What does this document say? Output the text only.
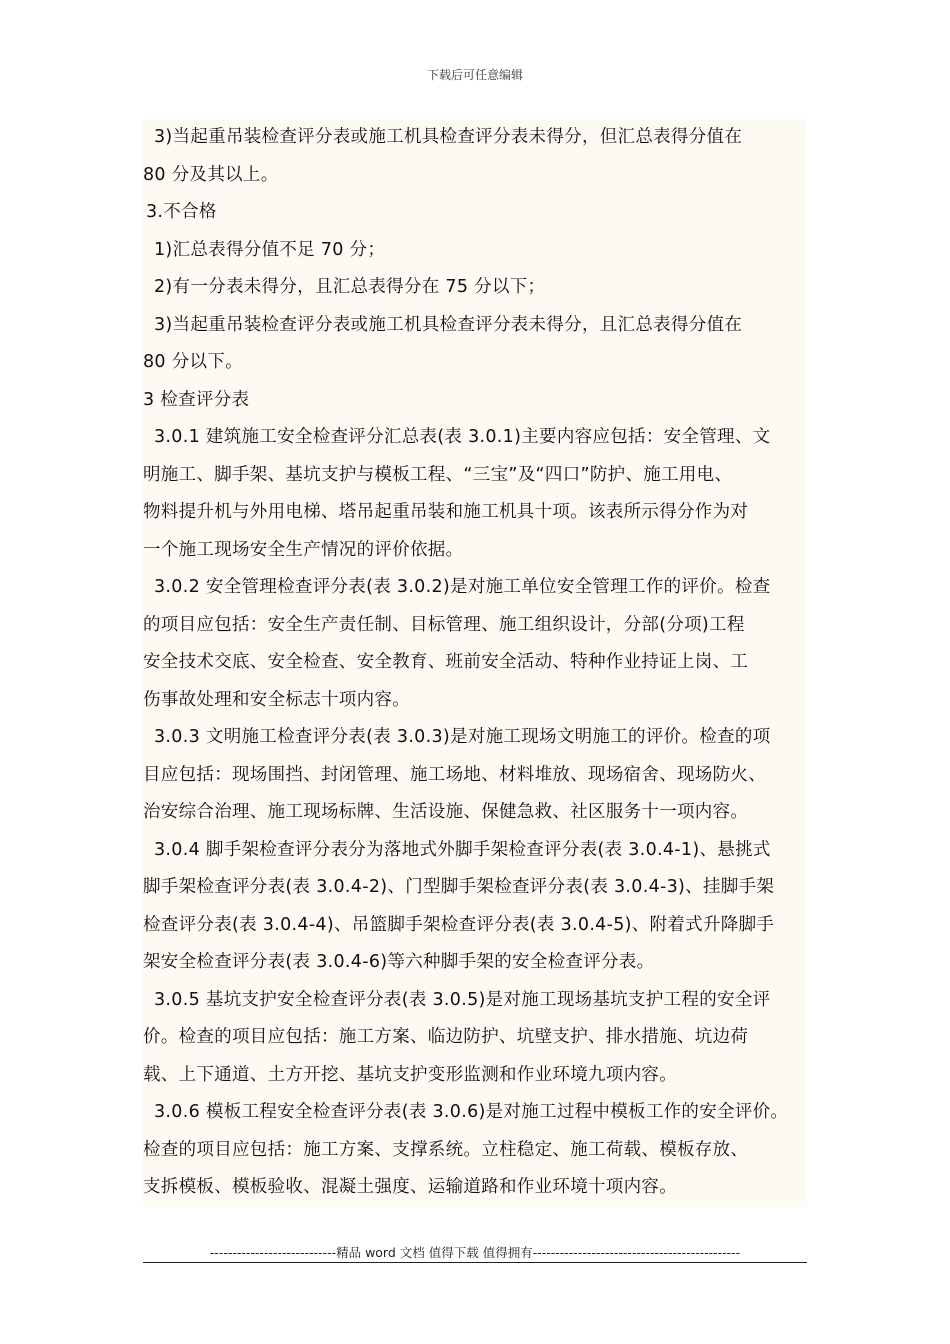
下载后可任意编辑
3)当起重吊装检查评分表或施工机具检查评分表未得分，但汇总表得分值在
80 分及其以上。
3.不合格
1)汇总表得分值不足 70 分；
2)有一分表未得分，且汇总表得分在 75 分以下；
3)当起重吊装检查评分表或施工机具检查评分表未得分，且汇总表得分值在
80 分以下。
3 检查评分表
3.0.1 建筑施工安全检查评分汇总表(表 3.0.1)主要内容应包括：安全管理、文
明施工、脚手架、基坑支护与模板工程、“三宝”及“四口”防护、施工用电、
物料提升机与外用电梯、塔吊起重吊装和施工机具十项。该表所示得分作为对
一个施工现场安全生产情况的评价依据。
3.0.2 安全管理检查评分表(表 3.0.2)是对施工单位安全管理工作的评价。检查
的项目应包括：安全生产责任制、目标管理、施工组织设计，分部(分项)工程
安全技术交底、安全检查、安全教育、班前安全活动、特种作业持证上岗、工
伤事故处理和安全标志十项内容。
3.0.3 文明施工检查评分表(表 3.0.3)是对施工现场文明施工的评价。检查的项
目应包括：现场围挡、封闭管理、施工场地、材料堆放、现场宿舍、现场防火、
治安综合治理、施工现场标牌、生活设施、保健急救、社区服务十一项内容。
3.0.4 脚手架检查评分表分为落地式外脚手架检查评分表(表 3.0.4-1)、悬挑式
脚手架检查评分表(表 3.0.4-2)、门型脚手架检查评分表(表 3.0.4-3)、挂脚手架
检查评分表(表 3.0.4-4)、吊篮脚手架检查评分表(表 3.0.4-5)、附着式升降脚手
架安全检查评分表(表 3.0.4-6)等六种脚手架的安全检查评分表。
3.0.5 基坑支护安全检查评分表(表 3.0.5)是对施工现场基坑支护工程的安全评
价。检查的项目应包括：施工方案、临边防护、坑壁支护、排水措施、坑边荷
载、上下通道、土方开挖、基坑支护变形监测和作业环境九项内容。
3.0.6 模板工程安全检查评分表(表 3.0.6)是对施工过程中模板工作的安全评价。
检查的项目应包括：施工方案、支撑系统。立柱稳定、施工荷载、模板存放、
支拆模板、模板验收、混凝土强度、运输道路和作业环境十项内容。
----------------------------精品 word 文档 值得下载 值得拥有----------------------------------------------
